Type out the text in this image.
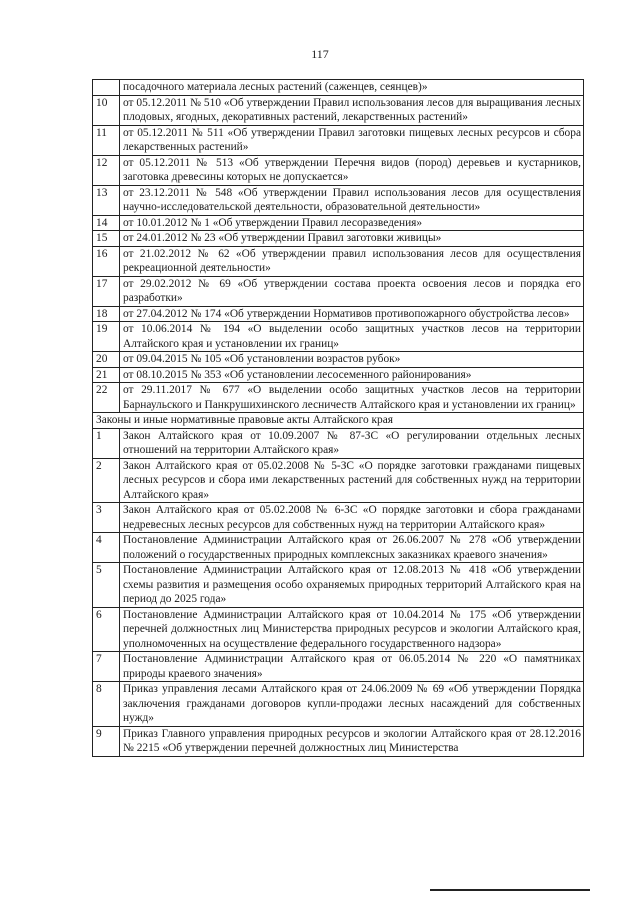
117
	посадочного материала лесных растений (саженцев, сеянцев)»
10	от 05.12.2011 № 510 «Об утверждении Правил использования лесов для выращивания лесных плодовых, ягодных, декоративных растений, лекарственных растений»
11	от 05.12.2011 № 511 «Об утверждении Правил заготовки пищевых лесных ресурсов и сбора лекарственных растений»
12	от 05.12.2011 № 513 «Об утверждении Перечня видов (пород) деревьев и кустарников, заготовка древесины которых не допускается»
13	от 23.12.2011 № 548 «Об утверждении Правил использования лесов для осуществления научно-исследовательской деятельности, образовательной деятельности»
14	от 10.01.2012 № 1 «Об утверждении Правил лесоразведения»
15	от 24.01.2012 № 23 «Об утверждении Правил заготовки живицы»
16	от 21.02.2012 № 62 «Об утверждении правил использования лесов для осуществления рекреационной деятельности»
17	от 29.02.2012 № 69 «Об утверждении состава проекта освоения лесов и порядка его разработки»
18	от 27.04.2012 № 174 «Об утверждении Нормативов противопожарного обустройства лесов»
19	от 10.06.2014 № 194 «О выделении особо защитных участков лесов на территории Алтайского края и установлении их границ»
20	от 09.04.2015 № 105 «Об установлении возрастов рубок»
21	от 08.10.2015 № 353 «Об установлении лесосеменного районирования»
22	от 29.11.2017 № 677 «О выделении особо защитных участков лесов на территории Барнаульского и Панкрушихинского лесничеств Алтайского края и установлении их границ»
Законы и иные нормативные правовые акты Алтайского края	
1	Закон Алтайского края от 10.09.2007 № 87-ЗС «О регулировании отдельных лесных отношений на территории Алтайского края»
2	Закон Алтайского края от 05.02.2008 № 5-ЗС «О порядке заготовки гражданами пищевых лесных ресурсов и сбора ими лекарственных растений для собственных нужд на территории Алтайского края»
3	Закон Алтайского края от 05.02.2008 № 6-ЗС «О порядке заготовки и сбора гражданами недревесных лесных ресурсов для собственных нужд на территории Алтайского края»
4	Постановление Администрации Алтайского края от 26.06.2007 № 278 «Об утверждении положений о государственных природных комплексных заказниках краевого значения»
5	Постановление Администрации Алтайского края от 12.08.2013 № 418 «Об утверждении схемы развития и размещения особо охраняемых природных территорий Алтайского края на период до 2025 года»
6	Постановление Администрации Алтайского края от 10.04.2014 № 175 «Об утверждении перечней должностных лиц Министерства природных ресурсов и экологии Алтайского края, уполномоченных на осуществление федерального государственного надзора»
7	Постановление Администрации Алтайского края от 06.05.2014 № 220 «О памятниках природы краевого значения»
8	Приказ управления лесами Алтайского края от 24.06.2009 № 69 «Об утверждении Порядка заключения гражданами договоров купли-продажи лесных насаждений для собственных нужд»
9	Приказ Главного управления природных ресурсов и экологии Алтайского края от 28.12.2016 № 2215 «Об утверждении перечней должностных лиц Министерства
